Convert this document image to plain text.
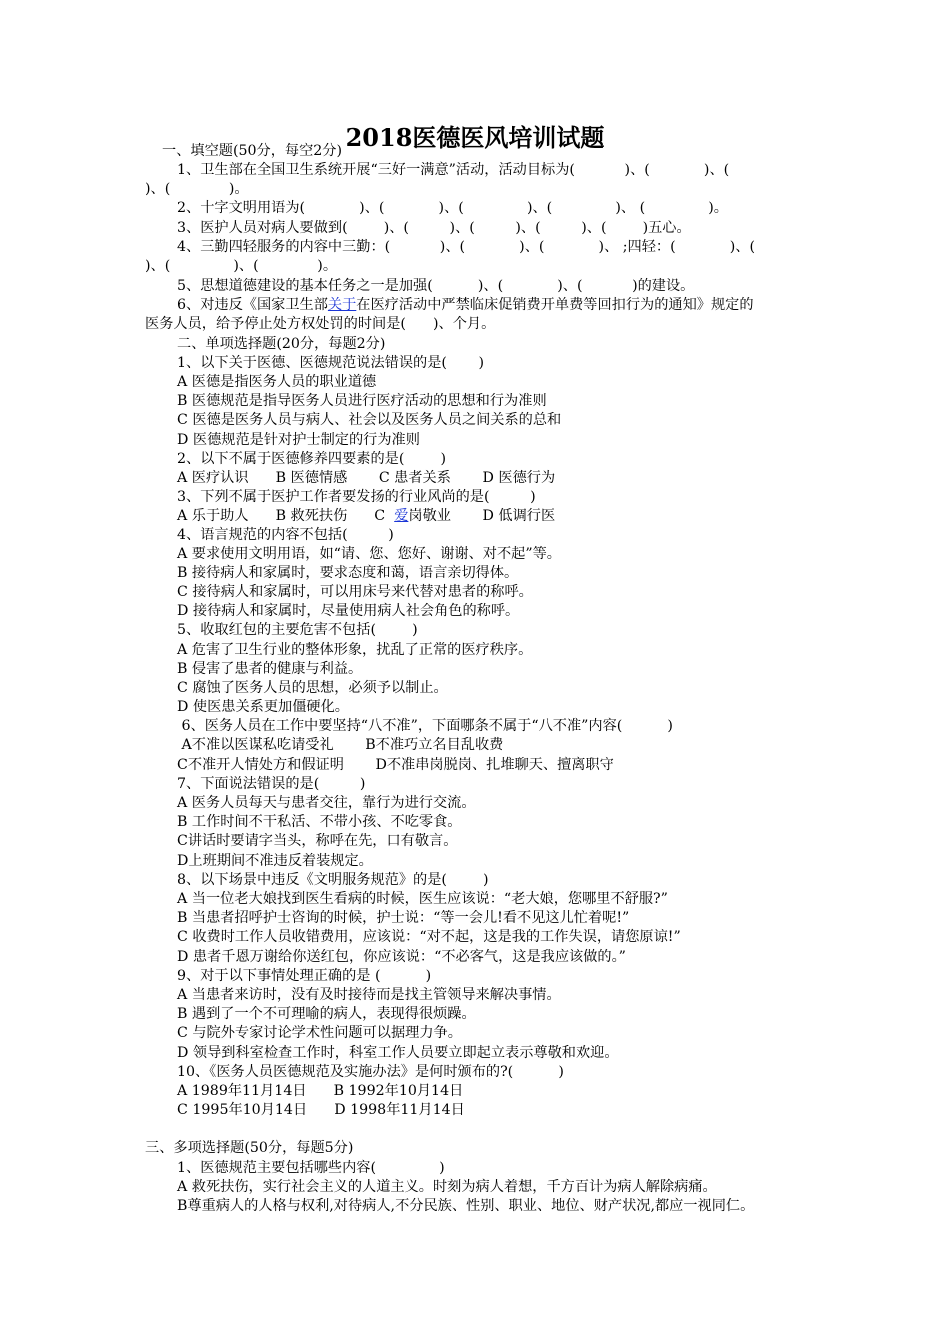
2018医德医风培训试题
一、填空题(50分，每空2分)
1、卫生部在全国卫生系统开展“三好一满意”活动，活动目标为(           )、(            )、(
)、(             )。
2、十字文明用语为(            )、(            )、(              )、(              )、 (              )。
3、医护人员对病人要做到(        )、(         )、(         )、(         )、(        )五心。
4、三勤四轻服务的内容中三勤：(           )、(            )、(            )、 ;四轻：(            )、(
)、(              )、(             )。
5、思想道德建设的基本任务之一是加强(          )、(            )、(           )的建设。
6、对违反《国家卫生部关于在医疗活动中严禁临床促销费开单费等回扣行为的通知》规定的
医务人员，给予停止处方权处罚的时间是(      )、个月。
二、单项选择题(20分，每题2分)
1、以下关于医德、医德规范说法错误的是(       )
A 医德是指医务人员的职业道德
B 医德规范是指导医务人员进行医疗活动的思想和行为准则
C 医德是医务人员与病人、社会以及医务人员之间关系的总和
D 医德规范是针对护士制定的行为准则
2、以下不属于医德修养四要素的是(        )
A 医疗认识      B 医德情感       C 患者关系       D 医德行为
3、下列不属于医护工作者要发扬的行业风尚的是(         )
A 乐于助人      B 救死扶伤      C  爱岗敬业       D 低调行医
4、语言规范的内容不包括(         )
A 要求使用文明用语，如“请、您、您好、谢谢、对不起”等。
B 接待病人和家属时，要求态度和蔼，语言亲切得体。
C 接待病人和家属时，可以用床号来代替对患者的称呼。
D 接待病人和家属时，尽量使用病人社会角色的称呼。
5、收取红包的主要危害不包括(        )
A 危害了卫生行业的整体形象，扰乱了正常的医疗秩序。
B 侵害了患者的健康与利益。
C 腐蚀了医务人员的思想，必须予以制止。
D 使医患关系更加僵硬化。
6、医务人员在工作中要坚持“八不准”，下面哪条不属于“八不准”内容(          )
A不准以医谋私吃请受礼       B不准巧立名目乱收费
C不准开人情处方和假证明       D不准串岗脱岗、扎堆聊天、擅离职守
7、下面说法错误的是(         )
A 医务人员每天与患者交往，靠行为进行交流。
B 工作时间不干私活、不带小孩、不吃零食。
C讲话时要请字当头，称呼在先，口有敬言。
D上班期间不准违反着装规定。
8、以下场景中违反《文明服务规范》的是(        )
A 当一位老大娘找到医生看病的时候，医生应该说：“老大娘，您哪里不舒服?”
B 当患者招呼护士咨询的时候，护士说：“等一会儿!看不见这儿忙着呢!”
C 收费时工作人员收错费用，应该说：“对不起，这是我的工作失误，请您原谅!”
D 患者千恩万谢给你送红包，你应该说：“不必客气，这是我应该做的。”
9、对于以下事情处理正确的是 (          )
A 当患者来访时，没有及时接待而是找主管领导来解决事情。
B 遇到了一个不可理喻的病人，表现得很烦躁。
C 与院外专家讨论学术性问题可以据理力争。
D 领导到科室检查工作时，科室工作人员要立即起立表示尊敬和欢迎。
10、《医务人员医德规范及实施办法》是何时颁布的?(          )
A 1989年11月14日      B 1992年10月14日
C 1995年10月14日      D 1998年11月14日
三、多项选择题(50分，每题5分)
1、医德规范主要包括哪些内容(              )
A 救死扶伤，实行社会主义的人道主义。时刻为病人着想，千方百计为病人解除病痛。
B尊重病人的人格与权利,对待病人,不分民族、性别、职业、地位、财产状况,都应一视同仁。
